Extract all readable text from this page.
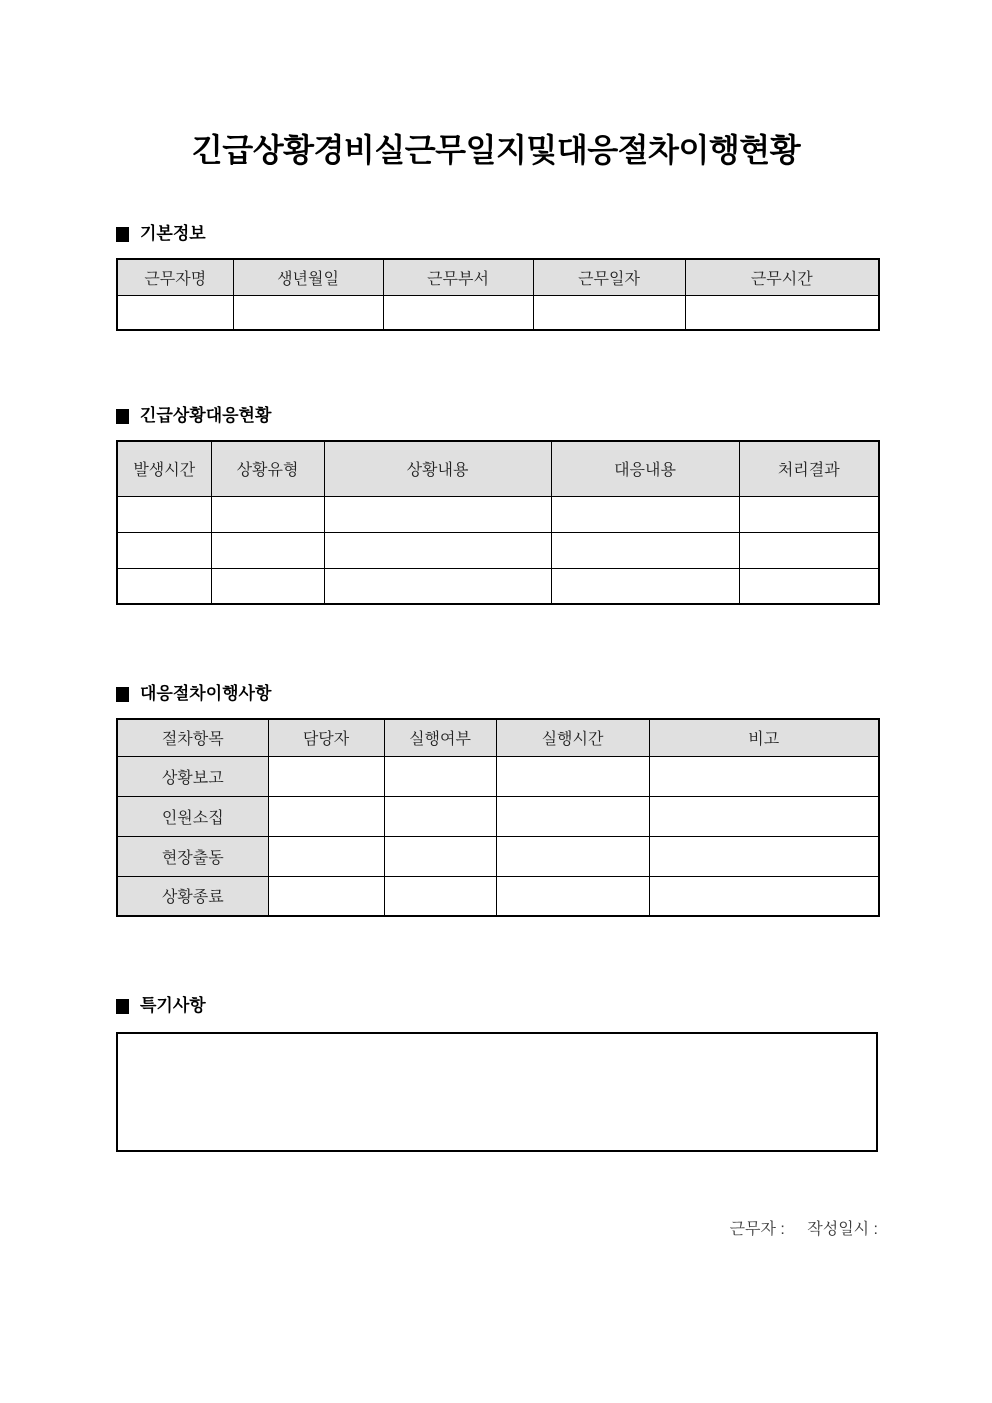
긴급상황경비실근무일지및대응절차이행현황
기본정보
근무자명	생년월일	근무부서	근무일자	근무시간

긴급상황대응현황
발생시간	상황유형	상황내용	대응내용	처리결과

대응절차이행사항
절차항목	담당자	실행여부	실행시간	비고
상황보고				
인원소집				
현장출동				
상황종료				
특기사항
근무자 : 작성일시 :
